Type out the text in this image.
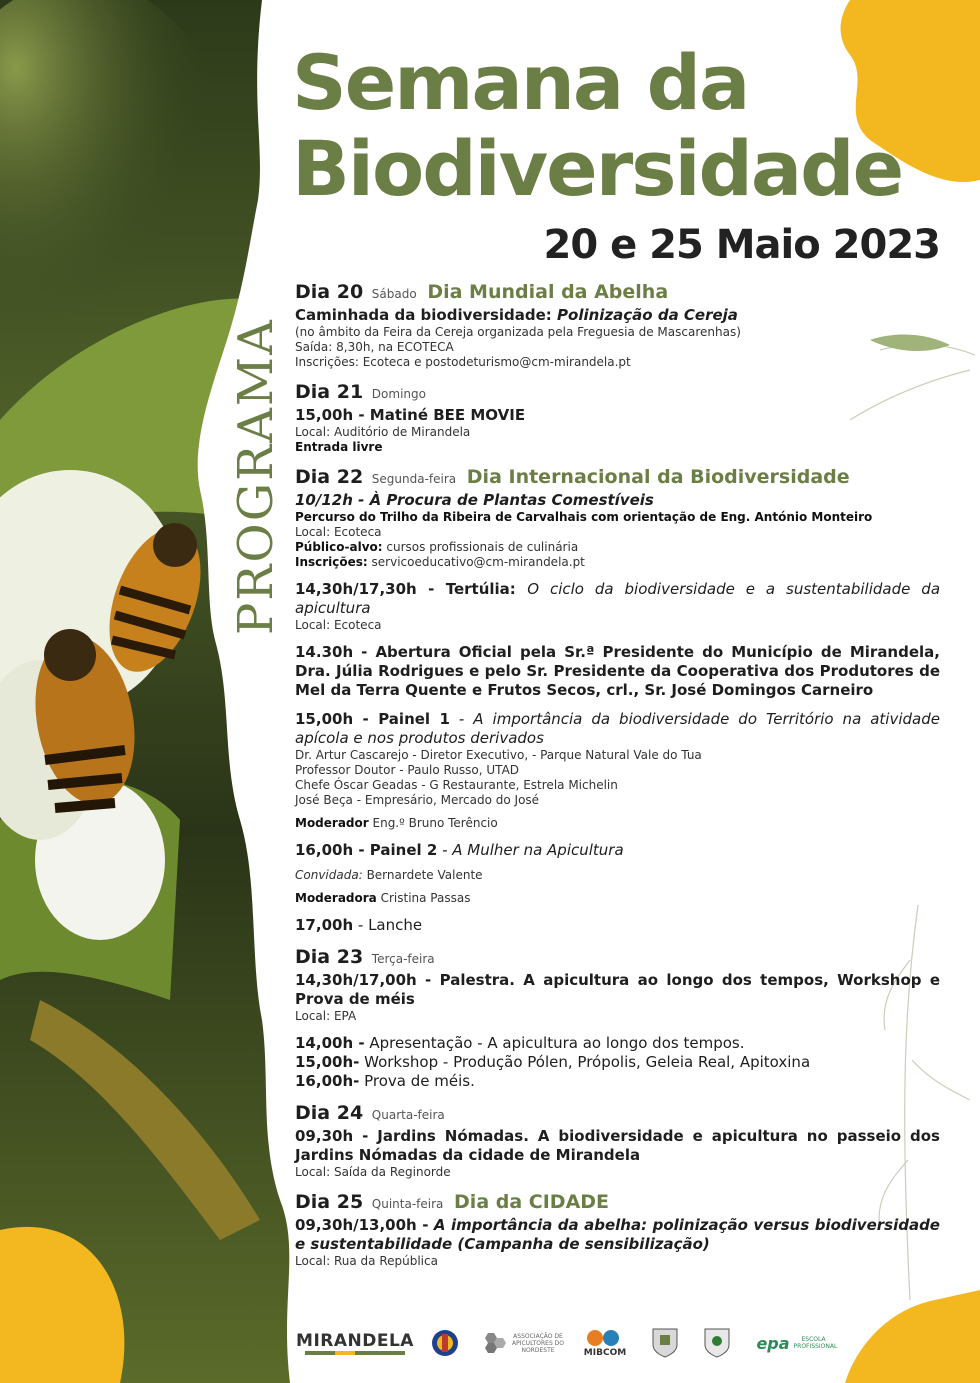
Semana da
Biodiversidade
20 e 25 Maio 2023
PROGRAMA
Dia 20 Sábado Dia Mundial da Abelha
Caminhada da biodiversidade: Polinização da Cereja
(no âmbito da Feira da Cereja organizada pela Freguesia de Mascarenhas)
Saída: 8,30h, na ECOTECA
Inscrições: Ecoteca e postodeturismo@cm-mirandela.pt
Dia 21 Domingo
15,00h - Matiné BEE MOVIE
Local: Auditório de Mirandela
Entrada livre
Dia 22 Segunda-feira Dia Internacional da Biodiversidade
10/12h - À Procura de Plantas Comestíveis
Percurso do Trilho da Ribeira de Carvalhais com orientação de Eng. António Monteiro
Local: Ecoteca
Público-alvo: cursos profissionais de culinária
Inscrições: servicoeducativo@cm-mirandela.pt
14,30h/17,30h - Tertúlia: O ciclo da biodiversidade e a sustentabilidade da apicultura
Local: Ecoteca
14.30h - Abertura Oficial pela Sr.ª Presidente do Município de Mirandela, Dra. Júlia Rodrigues e pelo Sr. Presidente da Cooperativa dos Produtores de Mel da Terra Quente e Frutos Secos, crl., Sr. José Domingos Carneiro
15,00h - Painel 1 - A importância da biodiversidade do Território na atividade apícola e nos produtos derivados
Dr. Artur Cascarejo - Diretor Executivo, - Parque Natural Vale do Tua
Professor Doutor - Paulo Russo, UTAD
Chefe Óscar Geadas - G Restaurante, Estrela Michelin
José Beça - Empresário, Mercado do José
Moderador Eng.º Bruno Terêncio
16,00h - Painel 2 - A Mulher na Apicultura
Convidada: Bernardete Valente
Moderadora Cristina Passas
17,00h - Lanche
Dia 23 Terça-feira
14,30h/17,00h - Palestra. A apicultura ao longo dos tempos, Workshop e Prova de méis
Local: EPA
14,00h - Apresentação - A apicultura ao longo dos tempos.
15,00h- Workshop - Produção Pólen, Própolis, Geleia Real, Apitoxina
16,00h- Prova de méis.
Dia 24 Quarta-feira
09,30h - Jardins Nómadas. A biodiversidade e apicultura no passeio dos Jardins Nómadas da cidade de Mirandela
Local: Saída da Reginorde
Dia 25 Quinta-feira Dia da CIDADE
09,30h/13,00h - A importância da abelha: polinização versus biodiversidade e sustentabilidade (Campanha de sensibilização)
Local: Rua da República
MIRANDELA	ASSOCIAÇÃO DE APICULTORES DO NORDESTE	MIBCOM
epa	ESCOLA PROFISSIONAL
